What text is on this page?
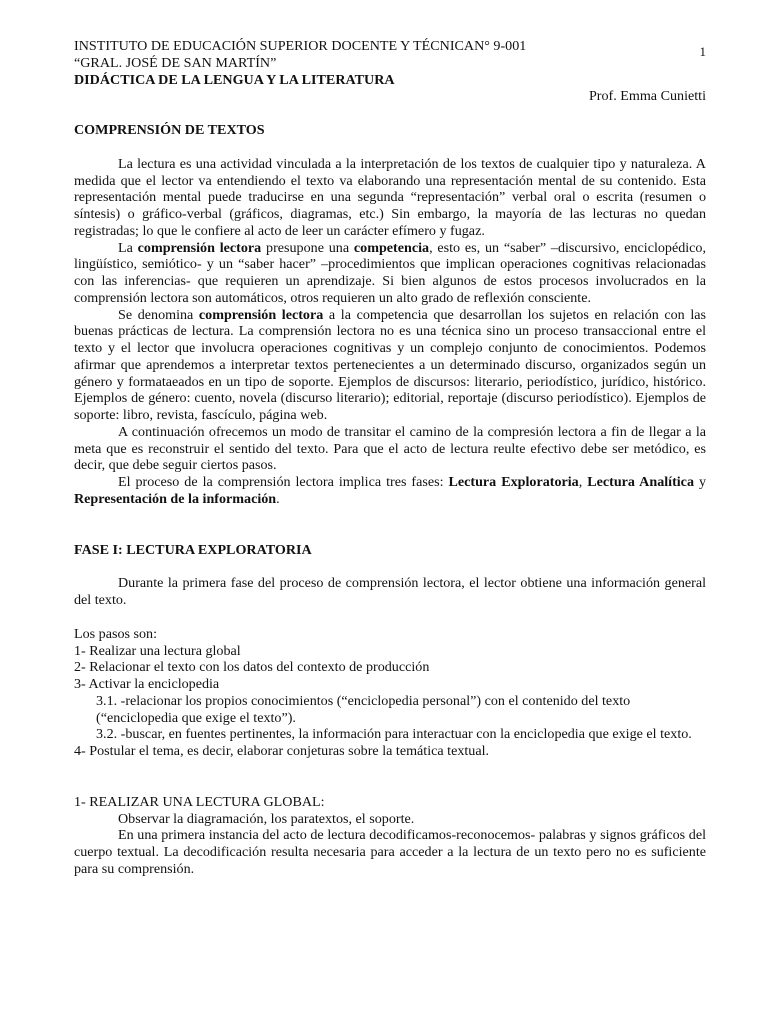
1

INSTITUTO DE EDUCACIÓN SUPERIOR DOCENTE Y TÉCNICAN° 9-001

“GRAL. JOSÉ DE SAN MARTÍN”

DIDÁCTICA DE LA LENGUA Y LA LITERATURA

Prof. Emma Cunietti

COMPRENSIÓN DE TEXTOS

La lectura es una actividad vinculada a la interpretación de los textos de cualquier tipo y naturaleza. A medida que el lector va entendiendo el texto va elaborando una representación mental de su contenido. Esta representación mental puede traducirse en una segunda “representación” verbal oral o escrita (resumen o síntesis) o gráfico-verbal (gráficos, diagramas, etc.) Sin embargo, la mayoría de las lecturas no quedan registradas; lo que le confiere al acto de leer un carácter efímero y fugaz.

La comprensión lectora presupone una competencia, esto es, un “saber” –discursivo, enciclopédico, lingüístico, semiótico- y un “saber hacer” –procedimientos que implican operaciones cognitivas relacionadas con las inferencias- que requieren un aprendizaje. Si bien algunos de estos procesos involucrados en la comprensión lectora son automáticos, otros requieren un alto grado de reflexión consciente.

Se denomina comprensión lectora a la competencia que desarrollan los sujetos en relación con las buenas prácticas de lectura. La comprensión lectora no es una técnica sino un proceso transaccional entre el texto y el lector que involucra operaciones cognitivas y un complejo conjunto de conocimientos. Podemos afirmar que aprendemos a interpretar textos pertenecientes a un determinado discurso, organizados según un género y formataeados en un tipo de soporte. Ejemplos de discursos: literario, periodístico, jurídico, histórico. Ejemplos de género: cuento, novela (discurso literario); editorial, reportaje (discurso periodístico). Ejemplos de soporte: libro, revista, fascículo, página web.

A continuación ofrecemos un modo de transitar el camino de la compresión lectora a fin de llegar a la meta que es reconstruir el sentido del texto. Para que el acto de lectura reulte efectivo debe ser metódico, es decir, que debe seguir ciertos pasos.

El proceso de la comprensión lectora implica tres fases: Lectura Exploratoria, Lectura Analítica y Representación de la información.

FASE I: LECTURA EXPLORATORIA

Durante la primera fase del proceso de comprensión lectora, el lector obtiene una información general del texto.

Los pasos son:

1- Realizar una lectura global

2- Relacionar el texto con los datos del contexto de producción

3- Activar la enciclopedia

3.1. -relacionar los propios conocimientos (“enciclopedia personal”) con el contenido del texto (“enciclopedia que exige el texto”).

3.2. -buscar, en fuentes pertinentes, la información para interactuar con la enciclopedia que exige el texto.

4- Postular el tema, es decir, elaborar conjeturas sobre la temática textual.

1- REALIZAR UNA LECTURA GLOBAL:

Observar la diagramación, los paratextos, el soporte.

En una primera instancia del acto de lectura decodificamos-reconocemos- palabras y signos gráficos del cuerpo textual. La decodificación resulta necesaria para acceder a la lectura de un texto pero no es suficiente para su comprensión.
